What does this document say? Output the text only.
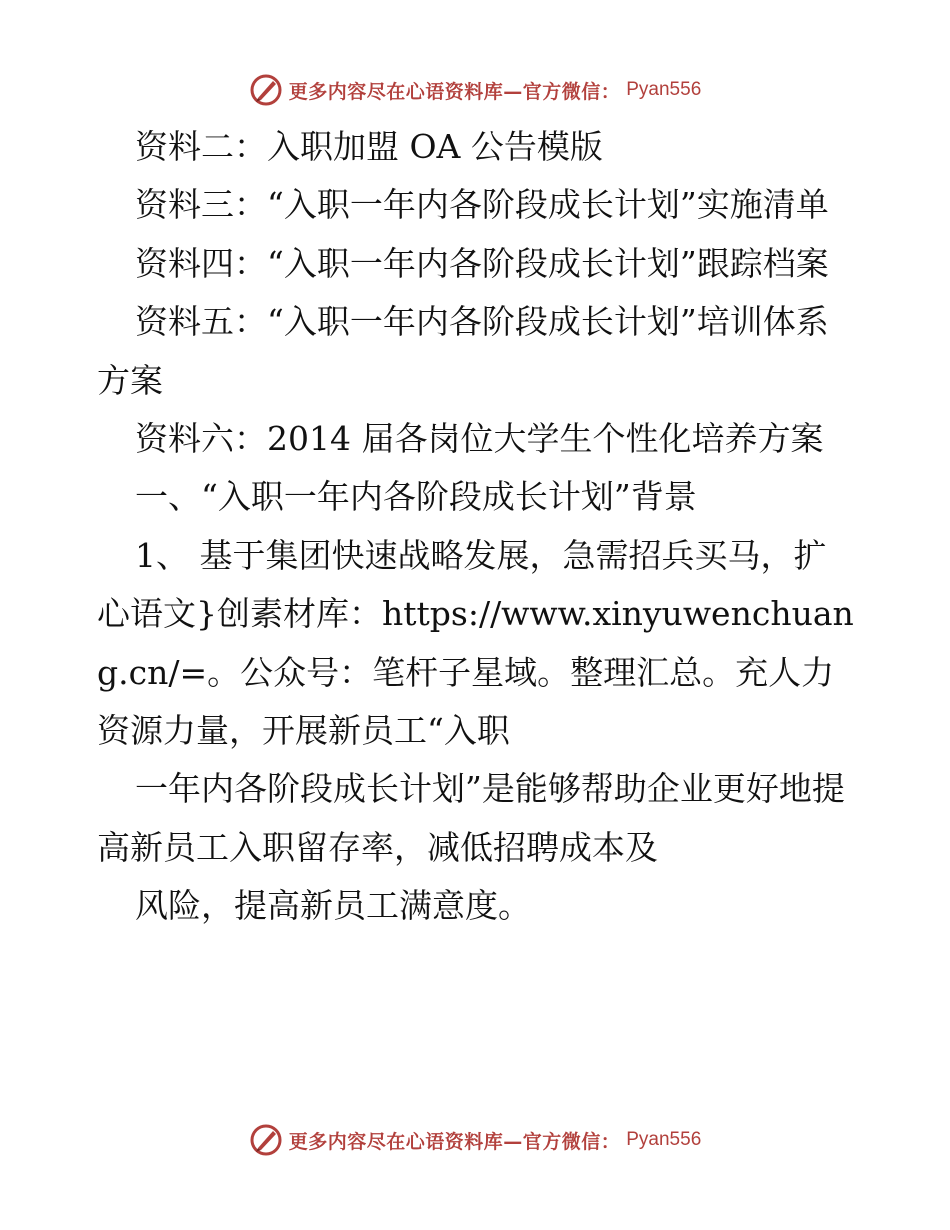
更多内容尽在心语资料库—官方微信： Pyan556

资料二：入职加盟 OA 公告模版

资料三：“入职一年内各阶段成长计划”实施清单

资料四：“入职一年内各阶段成长计划”跟踪档案

资料五：“入职一年内各阶段成长计划”培训体系方案

资料六：2014 届各岗位大学生个性化培养方案

一、“入职一年内各阶段成长计划”背景

1、 基于集团快速战略发展，急需招兵买马，扩心语文}创素材库：https://www.xinyuwenchuang.cn/=。公众号：笔杆子星域。整理汇总。充人力资源力量，开展新员工“入职

一年内各阶段成长计划”是能够帮助企业更好地提高新员工入职留存率，减低招聘成本及

风险，提高新员工满意度。

更多内容尽在心语资料库—官方微信： Pyan556
